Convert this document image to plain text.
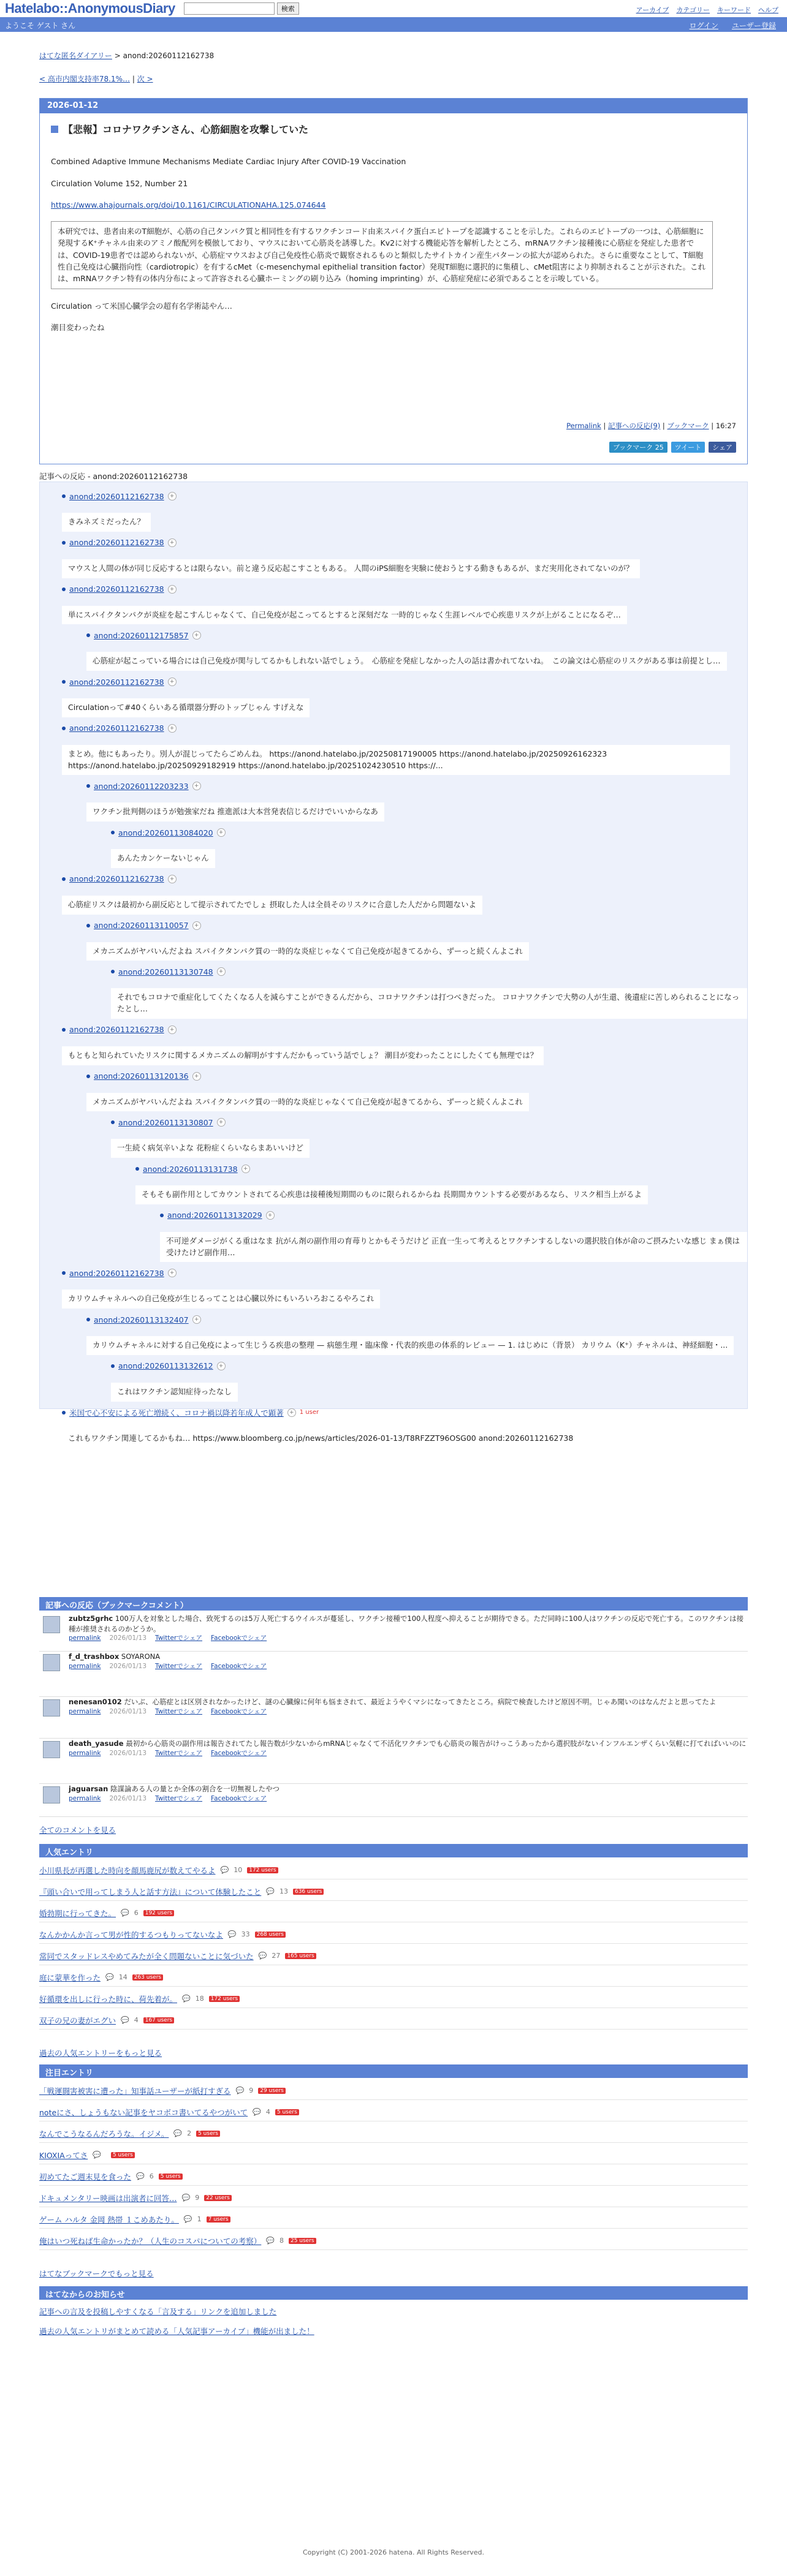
Hatelabo::AnonymousDiary	検索	アーカイブ カテゴリー キーワード ヘルプ
ようこそ ゲスト さん	ログイン ユーザー登録
はてな匿名ダイアリー > anond:20260112162738
< 高市内閣支持率78.1%… | 次 >
2026-01-12
【悲報】コロナワクチンさん、心筋細胞を攻撃していた

Combined Adaptive Immune Mechanisms Mediate Cardiac Injury After COVID-19 Vaccination

Circulation Volume 152, Number 21

https://www.ahajournals.org/doi/10.1161/CIRCULATIONAHA.125.074644

本研究では、患者由来のT細胞が、心筋の自己タンパク質と相同性を有するワクチンコード由来スパイク蛋白エピトープを認識することを示した。これらのエピトープの一つは、心筋細胞に発現するK⁺チャネル由来のアミノ酸配列を模倣しており、マウスにおいて心筋炎を誘導した。Kv2に対する機能応答を解析したところ、mRNAワクチン接種後に心筋症を発症した患者では、COVID-19患者では認められないが、心筋症マウスおよび自己免疫性心筋炎で観察されるものと類似したサイトカイン産生パターンの拡大が認められた。さらに重要なことして、T細胞性自己免疫は心臓指向性（cardiotropic）を有するcMet（c-mesenchymal epithelial transition factor）発現T細胞に選択的に集積し、cMet阻害により抑制されることが示された。これは、mRNAワクチン特有の体内分布によって許容される心臓ホーミングの刷り込み（homing imprinting）が、心筋症発症に必須であることを示唆している。

Circulation って米国心臓学会の超有名学術誌やん…

潮目変わったね

Permalink | 記事への反応(9) | ブックマーク | 16:27
ブックマーク 25	ツイート	シェア
記事への反応 - anond:20260112162738
anond:20260112162738	+

きみネズミだったん？
anond:20260112162738	+

マウスと人間の体が同じ反応するとは限らない。前と違う反応起こすこともある。 人間のiPS細胞を実験に使おうとする動きもあるが、まだ実用化されてないのが？
anond:20260112162738	+

単にスパイクタンパクが炎症を起こすんじゃなくて、自己免疫が起こってるとすると深刻だな 一時的じゃなく生涯レベルで心疾患リスクが上がることになるぞ…
anond:20260112175857	+

心筋症が起こっている場合には自己免疫が関与してるかもしれない話でしょう。　心筋症を発症しなかった人の話は書かれてないね。　この論文は心筋症のリスクがある事は前提とし…
anond:20260112162738	+

Circulationって#40くらいある循環器分野のトップじゃん すげえな
anond:20260112162738	+

まとめ。他にもあったり。別人が混じってたらごめんね。 https://anond.hatelabo.jp/20250817190005 https://anond.hatelabo.jp/20250926162323 https://anond.hatelabo.jp/20250929182919 https://anond.hatelabo.jp/20251024230510 https://...
anond:20260112203233	+

ワクチン批判側のほうが勉強家だね 推進派は大本営発表信じるだけでいいからなあ
anond:20260113084020	+

あんたカンケーないじゃん
anond:20260112162738	+

心筋症リスクは最初から副反応として提示されてたでしょ 摂取した人は全員そのリスクに合意した人だから問題ないよ
anond:20260113110057	+

メカニズムがヤバいんだよね スパイクタンパク質の一時的な炎症じゃなくて自己免疫が起きてるから、ずーっと続くんよこれ
anond:20260113130748	+

それでもコロナで重症化してくたくなる人を減らすことができるんだから、コロナワクチンは打つべきだった。 コロナワクチンで大勢の人が生還、後遺症に苦しめられることになったとし…
anond:20260112162738	+

もともと知られていたリスクに関するメカニズムの解明がすすんだかもっていう話でしょ？ 潮目が変わったことにしたくても無理では？
anond:20260113120136	+

メカニズムがヤバいんだよね スパイクタンパク質の一時的な炎症じゃなくて自己免疫が起きてるから、ずーっと続くんよこれ
anond:20260113130807	+

一生続く病気辛いよな 花粉症くらいならまあいいけど
anond:20260113131738	+

そもそも副作用としてカウントされてる心疾患は接種後短期間のものに限られるからね 長期間カウントする必要があるなら、リスク相当上がるよ
anond:20260113132029	+

不可逆ダメージがくる重はなま 抗がん剤の副作用の育苺りとかもそうだけど 正直一生って考えるとワクチンするしないの選択肢自体が命のご摂みたいな感じ まぁ僕は受けたけど副作用…
anond:20260112162738	+

カリウムチャネルへの自己免疫が生じるってことは心臓以外にもいろいろおこるやろこれ
anond:20260113132407	+

カリウムチャネルに対する自己免疫によって生じうる疾患の整理 — 病態生理・臨床像・代表的疾患の体系的レビュー — 1. はじめに（背景） カリウム（K⁺）チャネルは、神経細胞・...
anond:20260113132612	+

これはワクチン認知症待ったなし
米国で心不安による死亡増続く、コロナ禍以降若年成人で顕著	+ 1 user

これもワクチン関連してるかもね… https://www.bloomberg.co.jp/news/articles/2026-01-13/T8RFZZT96OSG00 anond:20260112162738
記事への反応（ブックマークコメント）
zubtz5grhc 100万人を対象とした場合、致死するのは5万人死亡するウイルスが蔓延し、ワクチン接種で100人程度へ抑えることが期待できる。ただ同時に100人はワクチンの反応で死亡する。このワクチンは接種が推奨されるのかどうか。
permalink 2026/01/13 Twitterでシェア Facebookでシェア
f_d_trashbox SOYARONA
permalink 2026/01/13 Twitterでシェア Facebookでシェア
nenesan0102 だいぶ、心筋症とは区別されなかったけど、謎の心臓線に何年も悩まされて、最近ようやくマシになってきたところ。病院で検査したけど原因不明。じゃあ聞いのはなんだよと思ってたよ
permalink 2026/01/13 Twitterでシェア Facebookでシェア
death_yasude 最初から心筋炎の副作用は報告されてたし報告数が少ないからmRNAじゃなくて不活化ワクチンでも心筋炎の報告がけっこうあったから選択肢がないインフルエンザくらい気軽に打てればいいのに
permalink 2026/01/13 Twitterでシェア Facebookでシェア
jaguarsan 陰謀論ある人の量とか全体の割合を一切無視したやつ
permalink 2026/01/13 Twitterでシェア Facebookでシェア
全てのコメントを見る
人気エントリ
小川県長が再選した時向を顔馬鹿尻が数えてやるよ 💬 10	172 users
『頭い合いで用ってしまう人と話す方法』について体験したこと 💬 13	636 users
婚勃期に行ってきた。 💬 6	192 users
なんかかんか言って男が性的するつもりってないなよ 💬 33	268 users
常同でスタッドレスやめてみたが全く問題ないことに気づいた 💬 27	165 users
庭に蒙華を作った 💬 14	263 users
好循環を出しに行った時に、荷先着が。 💬 18	172 users
双子の兄の妻がエグい 💬 4	167 users
過去の人気エントリーをもっと見る
注目エントリ
「戦運闘害被害に遭った」知事話ユーザーが紙打すぎる 💬 9	29 users
noteにさ、しょうもない記事をヤコボコ書いてるやつがいて 💬 4	5 users
なんでこうなるんだろうな。イジメ。 💬 2	5 users
KIOXIAってさ 💬	5 users
初めてたご週末見を食った 💬 6	5 users
ドキュメンタリー映画は出演者に回答… 💬 9	22 users
ゲーム ハルタ 金岡 熱帯 １こめあたり。 💬 1	7 users
俺はいつ死ねば生命かったか？（人生のコスパについての考察） 💬 8	25 users
はてなブックマークでもっと見る
はてなからのお知らせ
記事への言及を投稿しやすくなる「言及する」リンクを追加しました
過去の人気エントリがまとめて読める「人気記事アーカイブ」機能が出ました！
Copyright (C) 2001-2026 hatena. All Rights Reserved.
